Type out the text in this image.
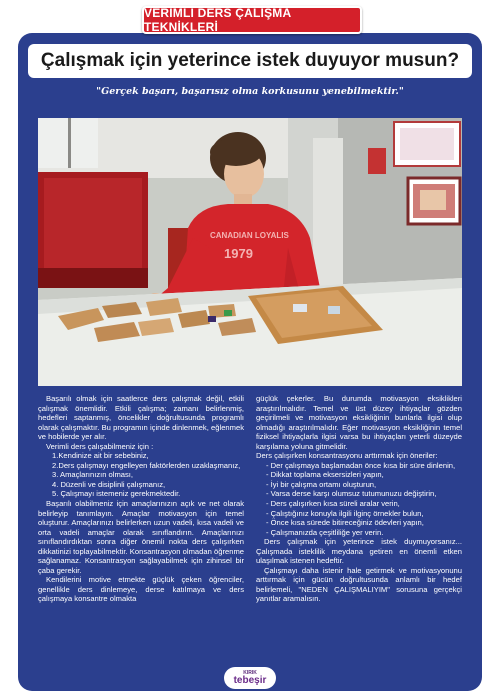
VERİMLİ DERS ÇALIŞMA TEKNİKLERİ
Çalışmak için yeterince istek duyuyor musun?
"Gerçek başarı, başarısız olma korkusunu yenebilmektir."
CANADIAN LOYALIS
1979

Başarılı olmak için saatlerce ders çalışmak değil, etkili çalışmak önemlidir. Etkili çalışma; zamanı belirlenmiş, hedefleri saptanmış, öncelikler doğrultusunda programlı olarak çalışmaktır. Bu programın içinde dinlenmek, eğlenmek ve hobilerde yer alır.

Verimli ders çalışabilmeniz için :

1.Kendinize ait bir sebebiniz,

2.Ders çalışmayı engelleyen faktörlerden uzaklaşmanız,

3. Amaçlarınızın olması,

4. Düzenli ve disiplinli çalışmanız,

5. Çalışmayı istemeniz gerekmektedir.

Başarılı olabilmeniz için amaçlarınızın açık ve net olarak belirleyip tanımlayın. Amaçlar motivasyon için temel oluşturur. Amaçlarınızı belirlerken uzun vadeli, kısa vadeli ve orta vadeli amaçlar olarak sınıflandırın. Amaçlarınızı sınıflandırdıktan sonra diğer önemli nokta ders çalışırken dikkatinizi toplayabilmektir. Konsantrasyon olmadan öğrenme sağlanamaz. Konsantrasyon sağlayabilmek için zihinsel bir çaba gerekir.

Kendilerini motive etmekte güçlük çeken öğrenciler, genellikle ders dinlemeye, derse katılmaya ve ders çalışmaya konsantre olmakta

güçlük çekerler. Bu durumda motivasyon eksiklikleri araştırılmalıdır. Temel ve üst düzey ihtiyaçlar gözden geçirilmeli ve motivasyon eksikliğinin bunlarla ilgisi olup olmadığı araştırılmalıdır. Eğer motivasyon eksikliğinin temel fiziksel ihtiyaçlarla ilgisi varsa bu ihtiyaçları yeterli düzeyde karşılama yoluna gitmelidir.

Ders çalışırken konsantrasyonu arttırmak için öneriler:

- Der çalışmaya başlamadan önce kısa bir süre dinlenin,

- Dikkat toplama eksersizleri yapın,

- İyi bir çalışma ortamı oluşturun,

- Varsa derse karşı olumsuz tutumunuzu değiştirin,

- Ders çalışırken kısa süreli aralar verin,

- Çalıştığınız konuyla ilgili ilginç örnekler bulun,

- Önce kısa sürede bitireceğiniz ödevleri yapın,

- Çalışmanızda çeşitliliğe yer verin.

Ders çalışmak için yeterince istek duymuyorsanız... Çalışmada isteklilik meydana getiren en önemli etken ulaşılmak istenen hedeftir.

Çalışmayı daha istenir hale getirmek ve motivasyonunu arttırmak için gücün doğrultusunda anlamlı bir hedef belirlemeli, "NEDEN ÇALIŞMALIYIM" sorusuna gerçekçi yanıtlar aramalısın.

KIRIK
tebeşir
